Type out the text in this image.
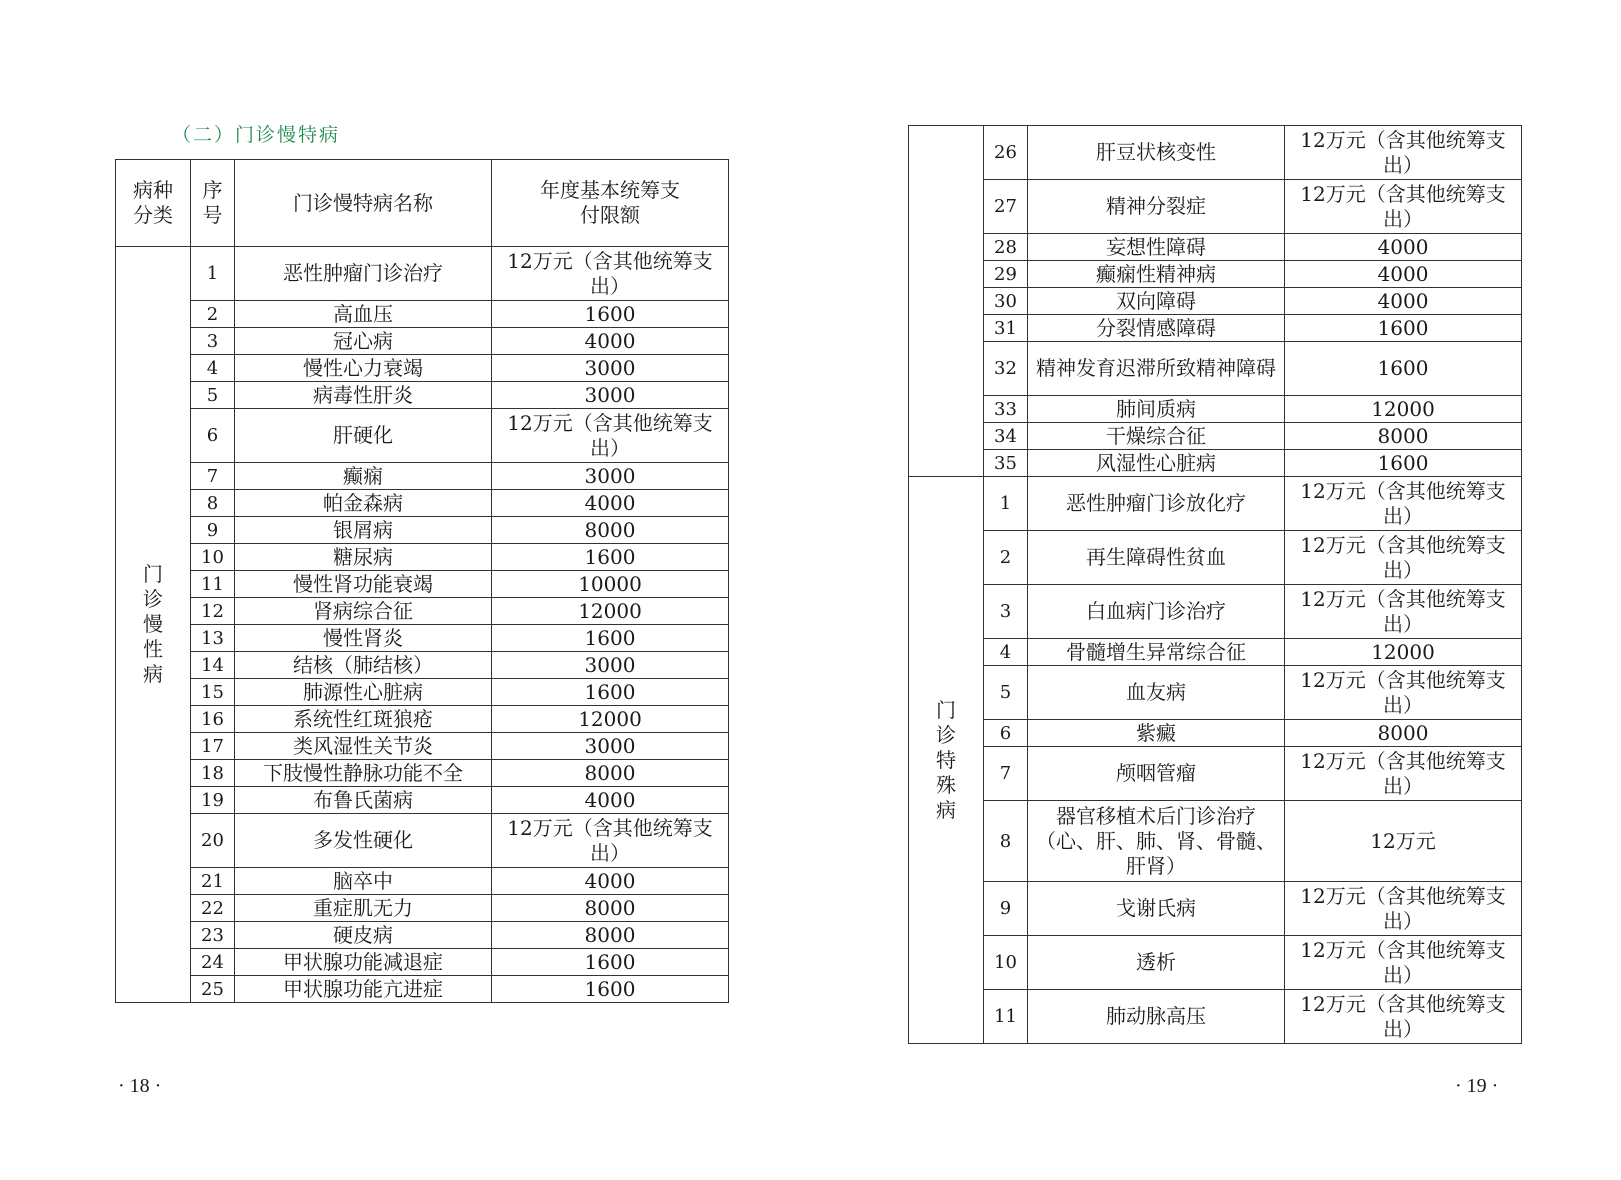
（二）门诊慢特病
病种分类	序号	门诊慢特病名称	年度基本统筹支付限额

门诊慢性病	1	恶性肿瘤门诊治疗	12万元（含其他统筹支出）
	2	高血压	1600
	3	冠心病	4000
	4	慢性心力衰竭	3000
	5	病毒性肝炎	3000
	6	肝硬化	12万元（含其他统筹支出）
	7	癫痫	3000
	8	帕金森病	4000
	9	银屑病	8000
	10	糖尿病	1600
	11	慢性肾功能衰竭	10000
	12	肾病综合征	12000
	13	慢性肾炎	1600
	14	结核（肺结核）	3000
	15	肺源性心脏病	1600
	16	系统性红斑狼疮	12000
	17	类风湿性关节炎	3000
	18	下肢慢性静脉功能不全	8000
	19	布鲁氏菌病	4000
	20	多发性硬化	12万元（含其他统筹支出）
	21	脑卒中	4000
	22	重症肌无力	8000
	23	硬皮病	8000
	24	甲状腺功能减退症	1600
	25	甲状腺功能亢进症	1600
· 18 ·
	26	肝豆状核变性	12万元（含其他统筹支出）
	27	精神分裂症	12万元（含其他统筹支出）
	28	妄想性障碍	4000
	29	癫痫性精神病	4000
	30	双向障碍	4000
	31	分裂情感障碍	1600
	32	精神发育迟滞所致精神障碍	1600
	33	肺间质病	12000
	34	干燥综合征	8000
	35	风湿性心脏病	1600
门诊特殊病	1	恶性肿瘤门诊放化疗	12万元（含其他统筹支出）
	2	再生障碍性贫血	12万元（含其他统筹支出）
	3	白血病门诊治疗	12万元（含其他统筹支出）
	4	骨髓增生异常综合征	12000
	5	血友病	12万元（含其他统筹支出）
	6	紫癜	8000
	7	颅咽管瘤	12万元（含其他统筹支出）
	8	器官移植术后门诊治疗（心、肝、肺、肾、骨髓、肝肾）	12万元
	9	戈谢氏病	12万元（含其他统筹支出）
	10	透析	12万元（含其他统筹支出）
	11	肺动脉高压	12万元（含其他统筹支出）
· 19 ·
